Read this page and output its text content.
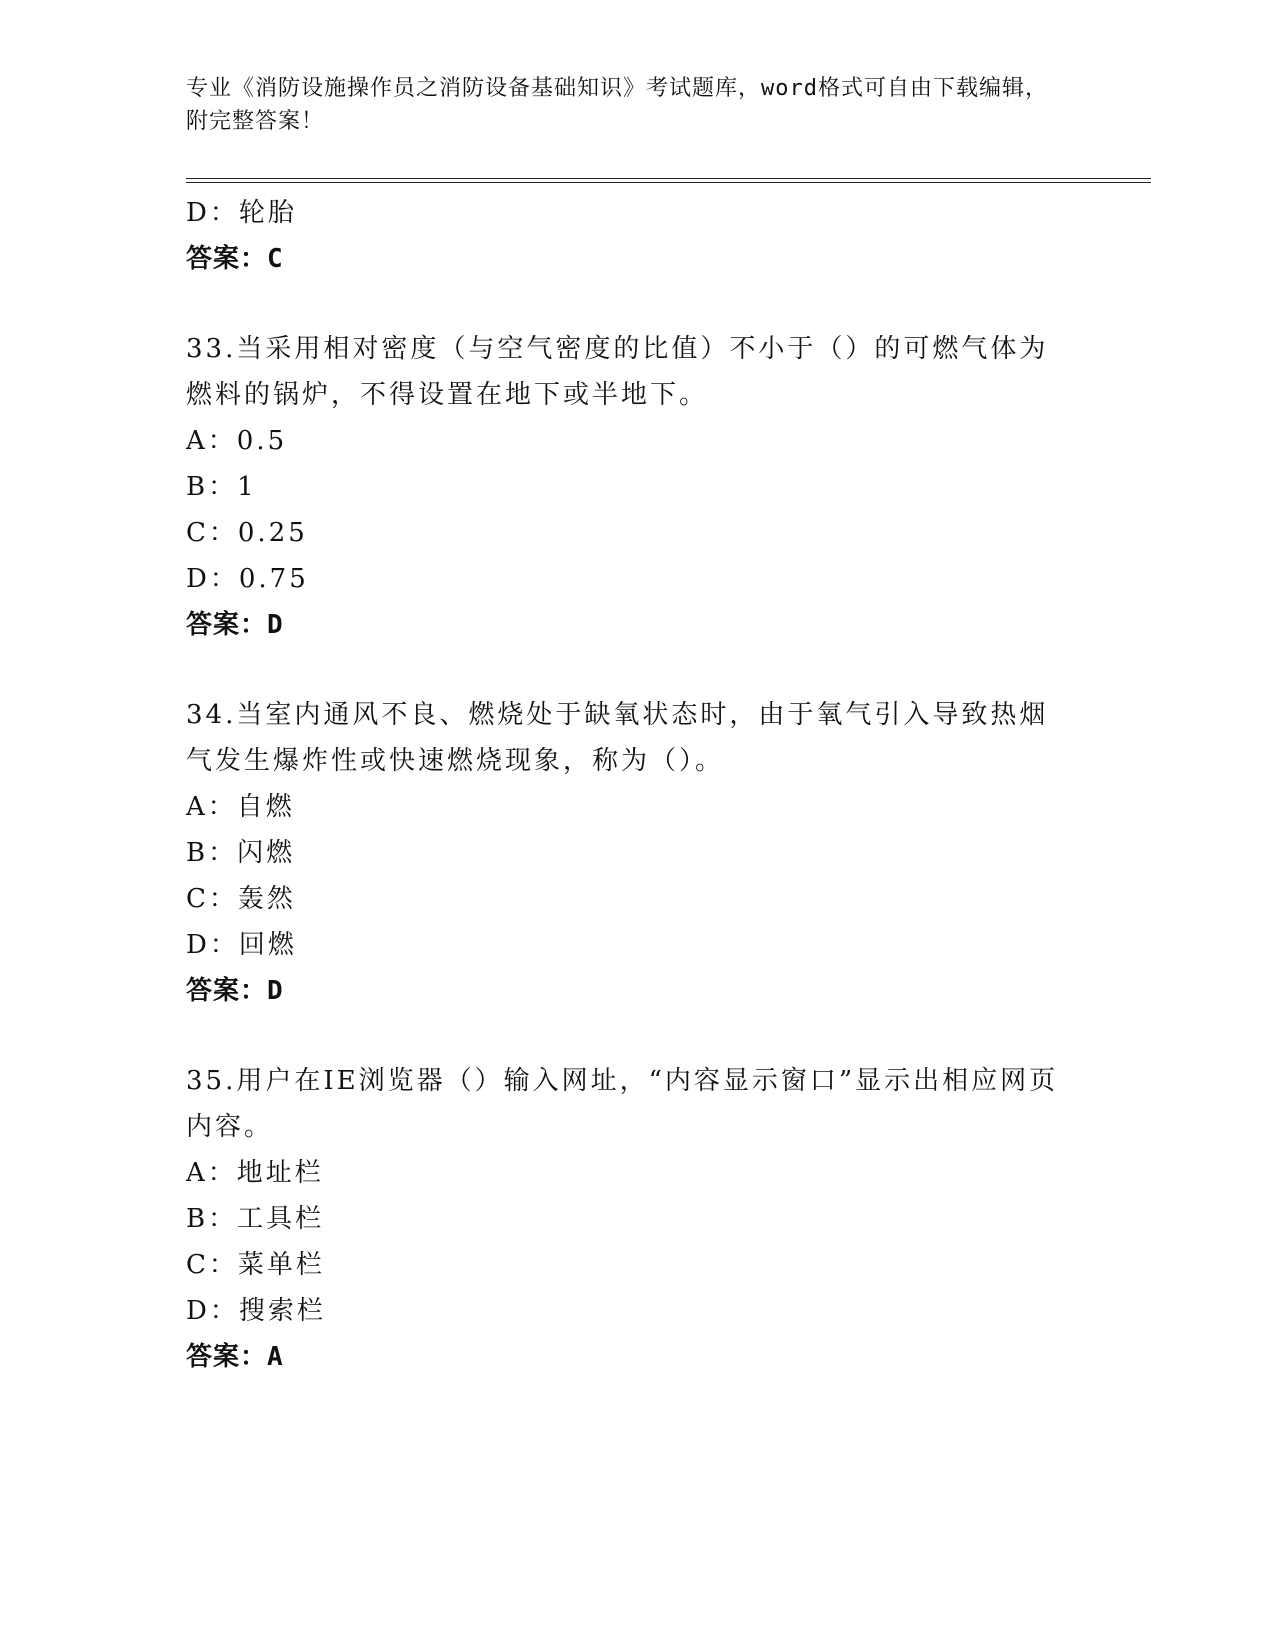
专业《消防设施操作员之消防设备基础知识》考试题库，word格式可自由下载编辑，附完整答案！
D：轮胎
答案：C
33.当采用相对密度（与空气密度的比值）不小于（）的可燃气体为燃料的锅炉，不得设置在地下或半地下。
A：0.5
B：1
C：0.25
D：0.75
答案：D
34.当室内通风不良、燃烧处于缺氧状态时，由于氧气引入导致热烟气发生爆炸性或快速燃烧现象，称为（）。
A：自燃
B：闪燃
C：轰然
D：回燃
答案：D
35.用户在IE浏览器（）输入网址，“内容显示窗口”显示出相应网页内容。
A：地址栏
B：工具栏
C：菜单栏
D：搜索栏
答案：A
